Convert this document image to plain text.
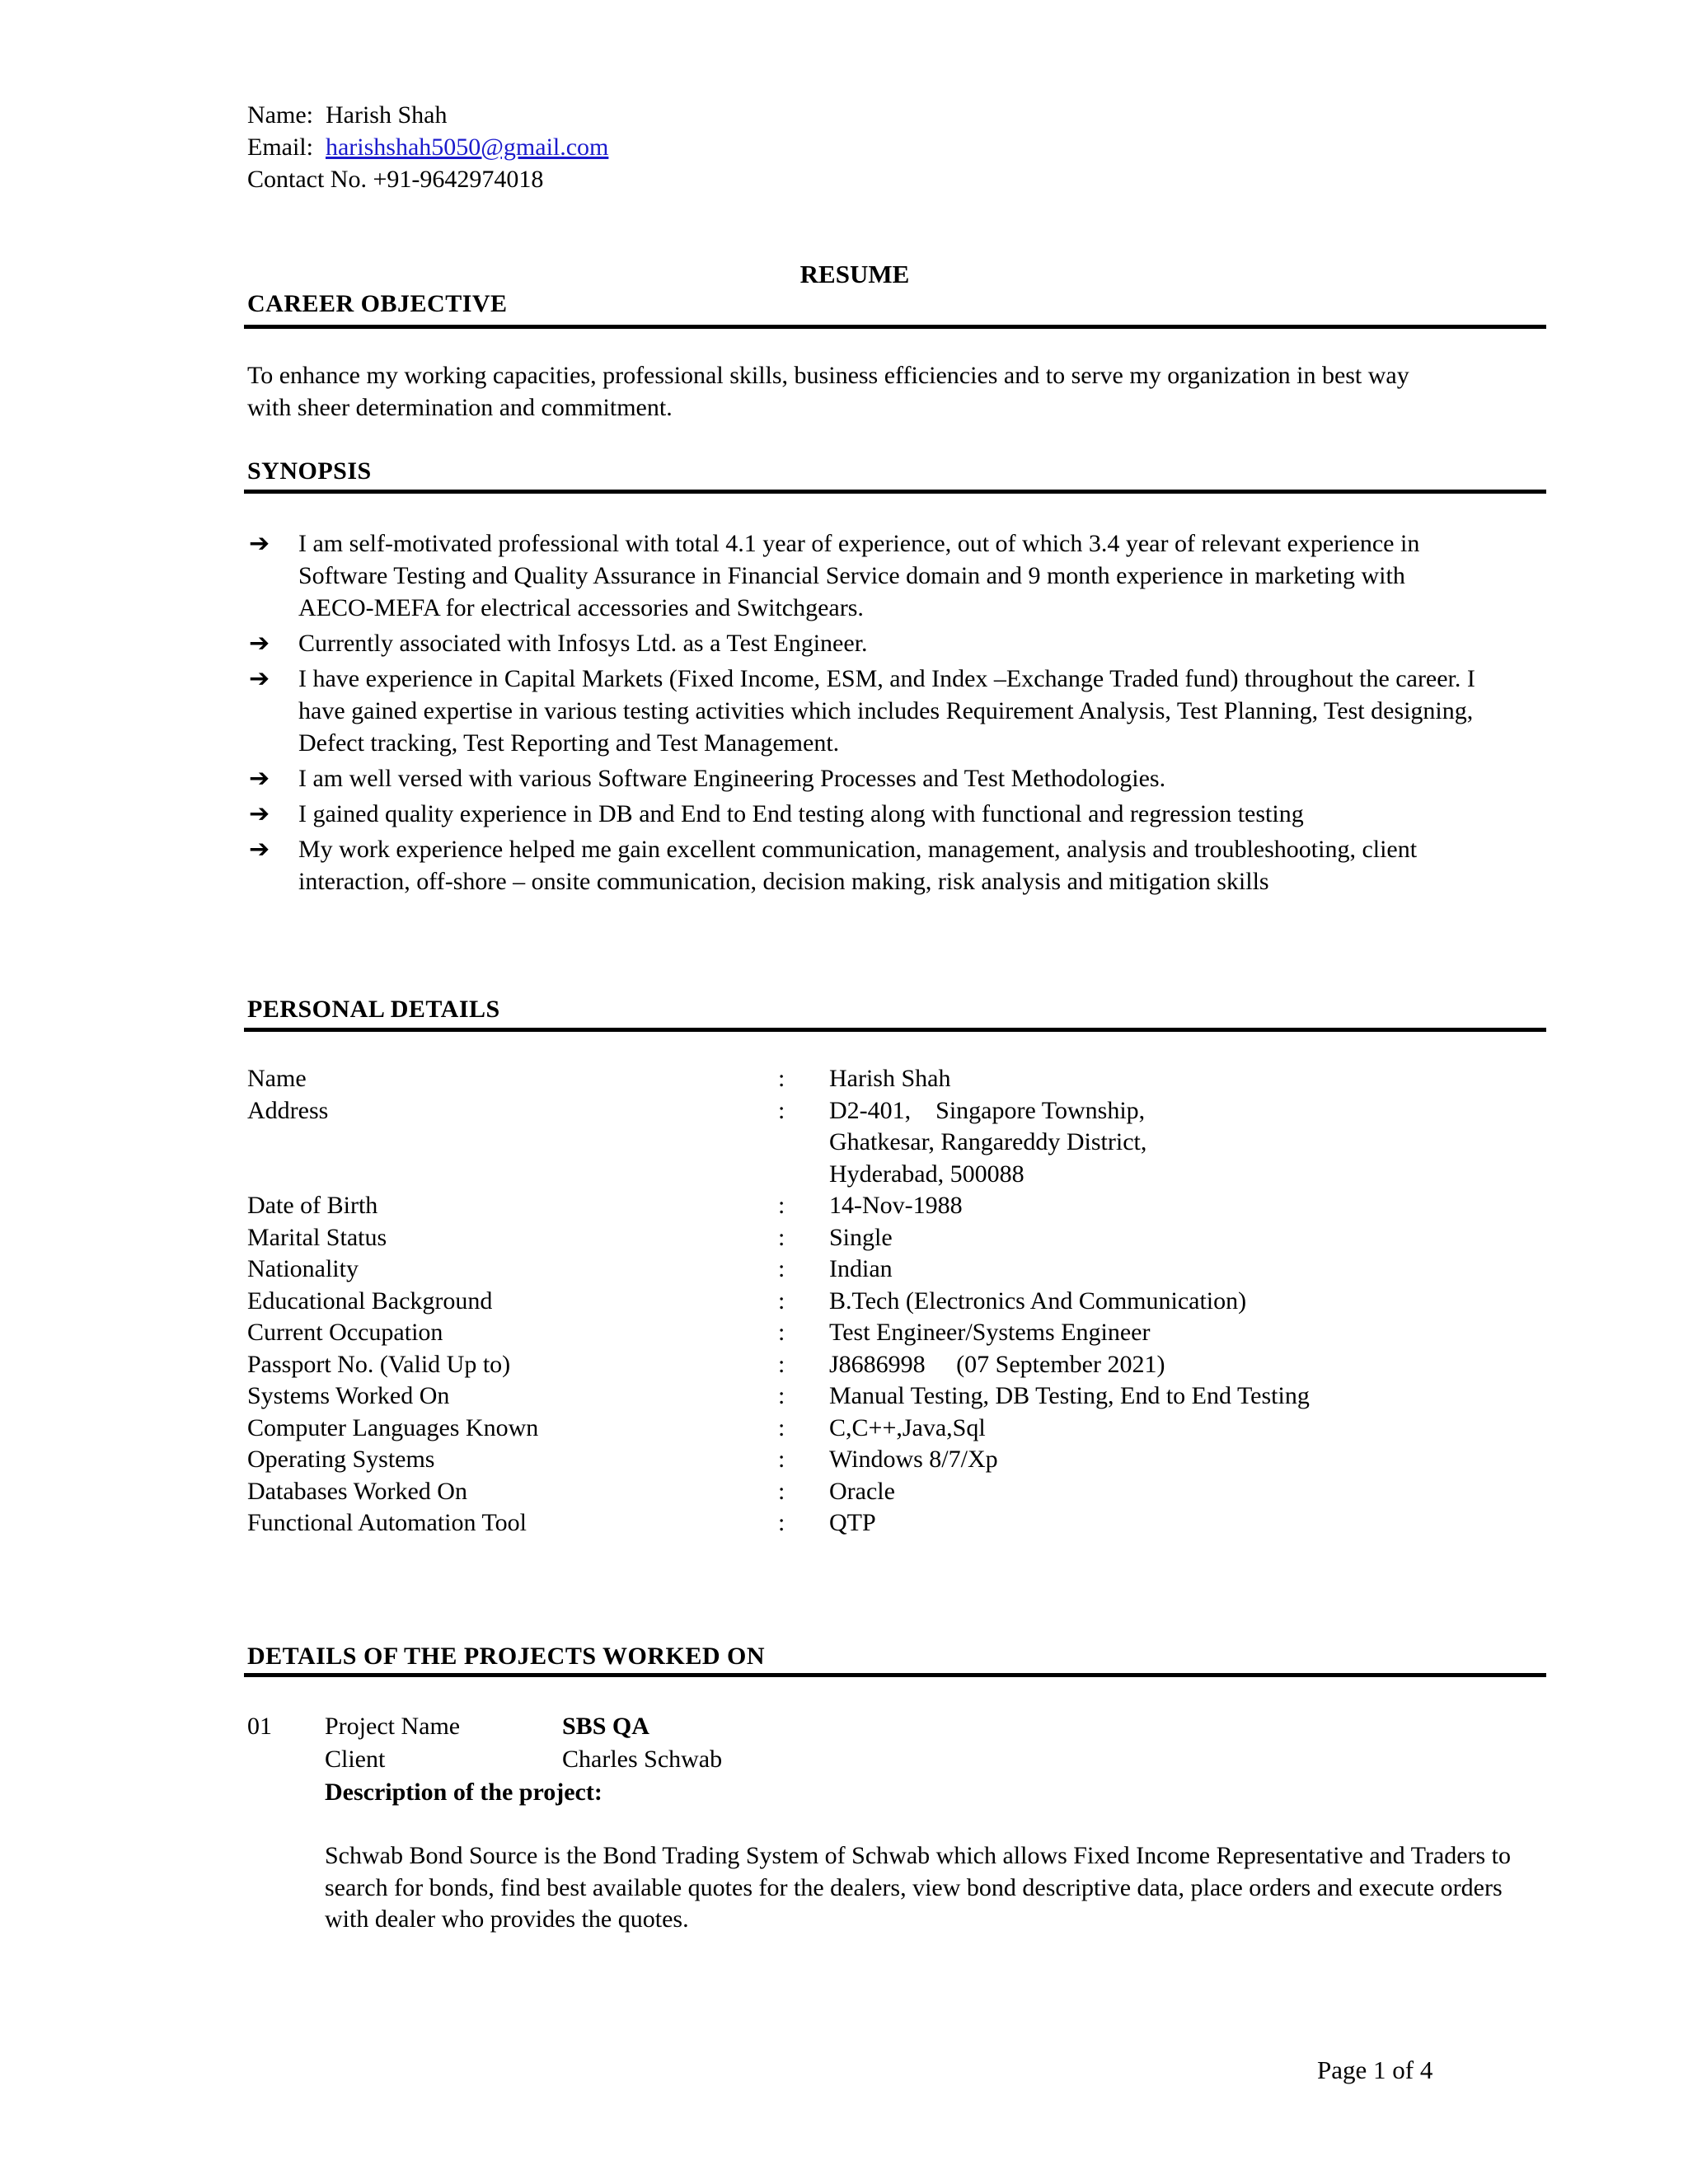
Name: Harish Shah
Email: harishshah5050@gmail.com
Contact No. +91-9642974018
RESUME
CAREER OBJECTIVE
To enhance my working capacities, professional skills, business efficiencies and to serve my organization in best way with sheer determination and commitment.
SYNOPSIS
➔ I am self-motivated professional with total 4.1 year of experience, out of which 3.4 year of relevant experience in Software Testing and Quality Assurance in Financial Service domain and 9 month experience in marketing with AECO-MEFA for electrical accessories and Switchgears.
➔ Currently associated with Infosys Ltd. as a Test Engineer.
➔ I have experience in Capital Markets (Fixed Income, ESM, and Index –Exchange Traded fund) throughout the career. I have gained expertise in various testing activities which includes Requirement Analysis, Test Planning, Test designing, Defect tracking, Test Reporting and Test Management.
➔ I am well versed with various Software Engineering Processes and Test Methodologies.
➔ I gained quality experience in DB and End to End testing along with functional and regression testing
➔ My work experience helped me gain excellent communication, management, analysis and troubleshooting, client interaction, off-shore – onsite communication, decision making, risk analysis and mitigation skills
PERSONAL DETAILS
Name	:	Harish Shah
Address	:	D2-401,    Singapore Township,
Ghatkesar, Rangareddy District,
Hyderabad, 500088
Date of Birth	:	14-Nov-1988
Marital Status	:	Single
Nationality	:	Indian
Educational Background	:	B.Tech (Electronics And Communication)
Current Occupation	:	Test Engineer/Systems Engineer
Passport No. (Valid Up to)	:	J8686998     (07 September 2021)
Systems Worked On	:	Manual Testing, DB Testing, End to End Testing
Computer Languages Known	:	C,C++,Java,Sql
Operating Systems	:	Windows 8/7/Xp
Databases Worked On	:	Oracle
Functional Automation Tool	:	QTP
DETAILS OF THE PROJECTS WORKED ON
01	Project Name	SBS QA
Client	Charles Schwab
Description of the project:
Schwab Bond Source is the Bond Trading System of Schwab which allows Fixed Income Representative and Traders to search for bonds, find best available quotes for the dealers, view bond descriptive data, place orders and execute orders with dealer who provides the quotes.
Page 1 of 4
